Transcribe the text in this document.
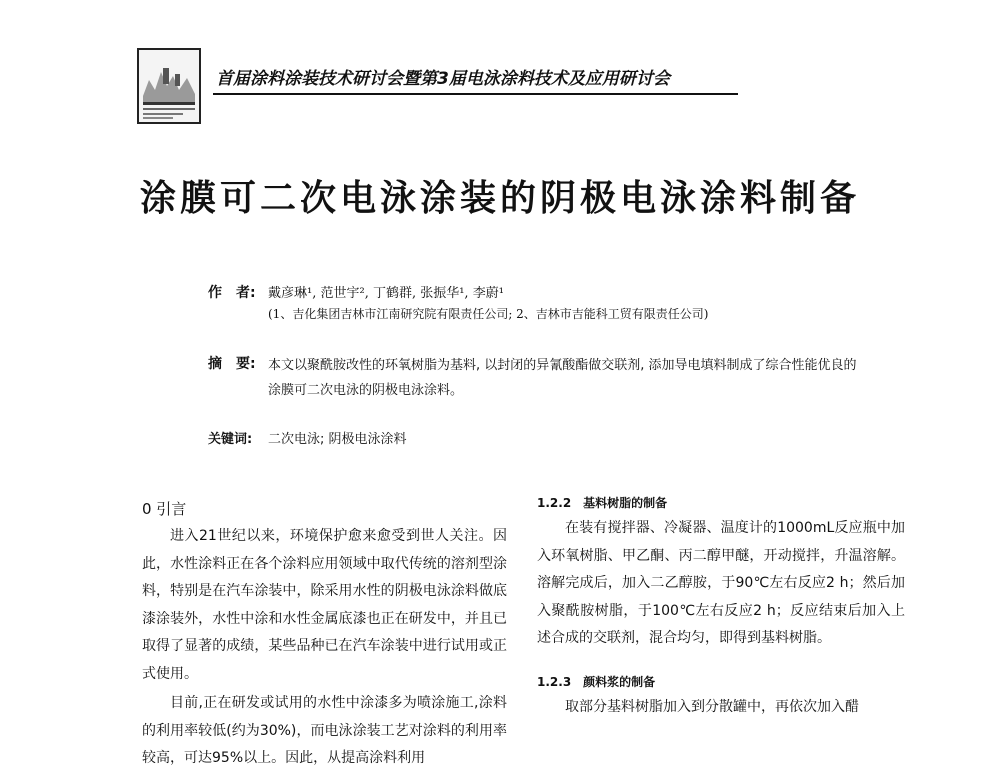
首届涂料涂装技术研讨会暨第3届电泳涂料技术及应用研讨会
涂膜可二次电泳涂装的阴极电泳涂料制备
作　者: 戴彦琳¹, 范世宇², 丁鹤群, 张振华¹, 李蔚¹
(1、吉化集团吉林市江南研究院有限责任公司; 2、吉林市吉能科工贸有限责任公司)
摘　要: 本文以聚酰胺改性的环氧树脂为基料, 以封闭的异氰酸酯做交联剂, 添加导电填料制成了综合性能优良的涂膜可二次电泳的阴极电泳涂料。
关键词: 二次电泳; 阴极电泳涂料
0 引言

进入21世纪以来，环境保护愈来愈受到世人关注。因此，水性涂料正在各个涂料应用领域中取代传统的溶剂型涂料，特别是在汽车涂装中，除采用水性的阴极电泳涂料做底漆涂装外，水性中涂和水性金属底漆也正在研发中，并且已取得了显著的成绩，某些品种已在汽车涂装中进行试用或正式使用。

目前,正在研发或试用的水性中涂漆多为喷涂施工,涂料的利用率较低(约为30%)，而电泳涂装工艺对涂料的利用率较高，可达95%以上。因此，从提高涂料利用

1.2.2　基料树脂的制备

在装有搅拌器、冷凝器、温度计的1000mL反应瓶中加入环氧树脂、甲乙酮、丙二醇甲醚，开动搅拌，升温溶解。溶解完成后，加入二乙醇胺，于90℃左右反应2 h；然后加入聚酰胺树脂，于100℃左右反应2 h；反应结束后加入上述合成的交联剂，混合均匀，即得到基料树脂。

1.2.3　颜料浆的制备

取部分基料树脂加入到分散罐中，再依次加入醋
